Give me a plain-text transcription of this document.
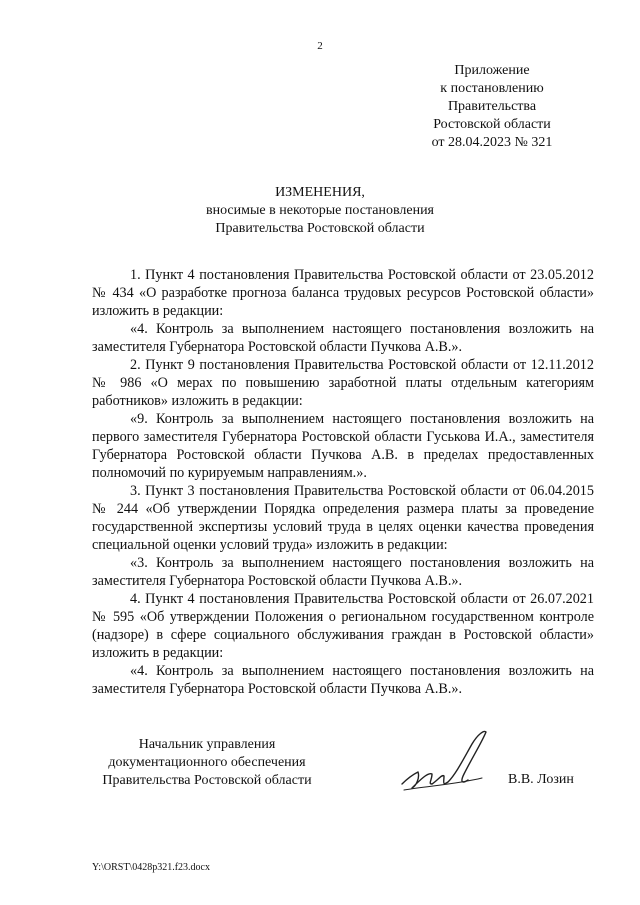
2
Приложение
к постановлению
Правительства
Ростовской области
от 28.04.2023 № 321
ИЗМЕНЕНИЯ,
вносимые в некоторые постановления
Правительства Ростовской области

1. Пункт 4 постановления Правительства Ростовской области от 23.05.2012 № 434 «О разработке прогноза баланса трудовых ресурсов Ростовской области» изложить в редакции:

«4. Контроль за выполнением настоящего постановления возложить на заместителя Губернатора Ростовской области Пучкова А.В.».

2. Пункт 9 постановления Правительства Ростовской области от 12.11.2012 № 986 «О мерах по повышению заработной платы отдельным категориям работников» изложить в редакции:

«9. Контроль за выполнением настоящего постановления возложить на первого заместителя Губернатора Ростовской области Гуськова И.А., заместителя Губернатора Ростовской области Пучкова А.В. в пределах предоставленных полномочий по курируемым направлениям.».

3. Пункт 3 постановления Правительства Ростовской области от 06.04.2015 № 244 «Об утверждении Порядка определения размера платы за проведение государственной экспертизы условий труда в целях оценки качества проведения специальной оценки условий труда» изложить в редакции:

«3. Контроль за выполнением настоящего постановления возложить на заместителя Губернатора Ростовской области Пучкова А.В.».

4. Пункт 4 постановления Правительства Ростовской области от 26.07.2021 № 595 «Об утверждении Положения о региональном государственном контроле (надзоре) в сфере социального обслуживания граждан в Ростовской области» изложить в редакции:

«4. Контроль за выполнением настоящего постановления возложить на заместителя Губернатора Ростовской области Пучкова А.В.».

Начальник управления
документационного обеспечения
Правительства Ростовской области	В.В. Лозин
Y:\ORST\0428p321.f23.docx
